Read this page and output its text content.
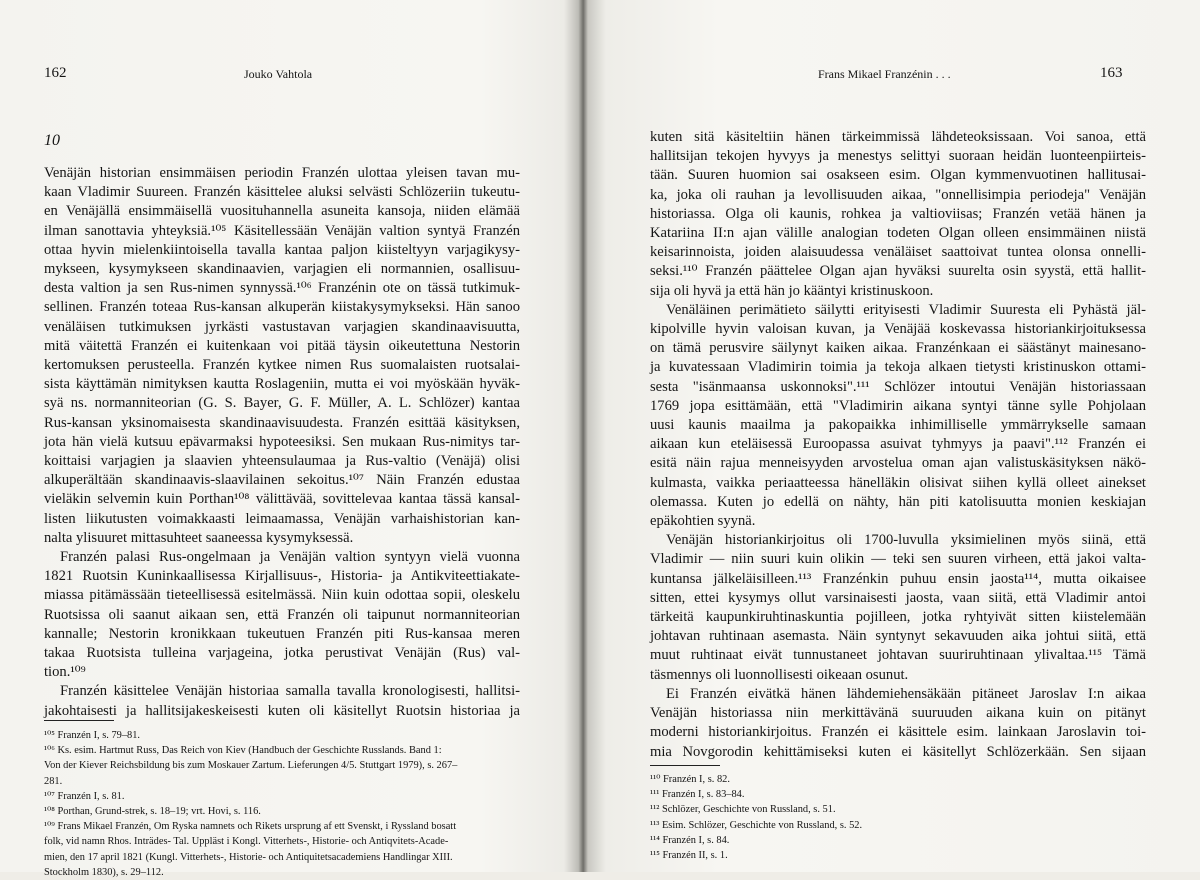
162	Jouko Vahtola
10
Venäjän historian ensimmäisen periodin Franzén ulottaa yleisen tavan mu-
kaan Vladimir Suureen. Franzén käsittelee aluksi selvästi Schlözeriin tukeutu-
en Venäjällä ensimmäisellä vuosituhannella asuneita kansoja, niiden elämää
ilman sanottavia yhteyksiä.¹⁰⁵ Käsitellessään Venäjän valtion syntyä Franzén
ottaa hyvin mielenkiintoisella tavalla kantaa paljon kiisteltyyn varjagikysy-
mykseen, kysymykseen skandinaavien, varjagien eli normannien, osallisuu-
desta valtion ja sen Rus-nimen synnyssä.¹⁰⁶ Franzénin ote on tässä tutkimuk-
sellinen. Franzén toteaa Rus-kansan alkuperän kiistakysymykseksi. Hän sanoo
venäläisen tutkimuksen jyrkästi vastustavan varjagien skandinaavisuutta,
mitä väitettä Franzén ei kuitenkaan voi pitää täysin oikeutettuna Nestorin
kertomuksen perusteella. Franzén kytkee nimen Rus suomalaisten ruotsalai-
sista käyttämän nimityksen kautta Roslageniin, mutta ei voi myöskään hyväk-
syä ns. normanniteorian (G. S. Bayer, G. F. Müller, A. L. Schlözer) kantaa
Rus-kansan yksinomaisesta skandinaavisuudesta. Franzén esittää käsityksen,
jota hän vielä kutsuu epävarmaksi hypoteesiksi. Sen mukaan Rus-nimitys tar-
koittaisi varjagien ja slaavien yhteensulaumaa ja Rus-valtio (Venäjä) olisi
alkuperältään skandinaavis-slaavilainen sekoitus.¹⁰⁷ Näin Franzén edustaa
vieläkin selvemin kuin Porthan¹⁰⁸ välittävää, sovittelevaa kantaa tässä kansal-
listen liikutusten voimakkaasti leimaamassa, Venäjän varhaishistorian kan-
nalta ylisuuret mittasuhteet saaneessa kysymyksessä.
Franzén palasi Rus-ongelmaan ja Venäjän valtion syntyyn vielä vuonna
1821 Ruotsin Kuninkaallisessa Kirjallisuus-, Historia- ja Antikviteettiakate-
miassa pitämässään tieteellisessä esitelmässä. Niin kuin odottaa sopii, oleskelu
Ruotsissa oli saanut aikaan sen, että Franzén oli taipunut normanniteorian
kannalle; Nestorin kronikkaan tukeutuen Franzén piti Rus-kansaa meren
takaa Ruotsista tulleina varjageina, jotka perustivat Venäjän (Rus) val-
tion.¹⁰⁹
Franzén käsittelee Venäjän historiaa samalla tavalla kronologisesti, hallitsi-
jakohtaisesti ja hallitsijakeskeisesti kuten oli käsitellyt Ruotsin historiaa ja
¹⁰⁵ Franzén I, s. 79–81.
¹⁰⁶ Ks. esim. Hartmut Russ, Das Reich von Kiev (Handbuch der Geschichte Russlands. Band 1:
Von der Kiever Reichsbildung bis zum Moskauer Zartum. Lieferungen 4/5. Stuttgart 1979), s. 267–
281.
¹⁰⁷ Franzén I, s. 81.
¹⁰⁸ Porthan, Grund-strek, s. 18–19; vrt. Hovi, s. 116.
¹⁰⁹ Frans Mikael Franzén, Om Ryska namnets och Rikets ursprung af ett Svenskt, i Ryssland bosatt
folk, vid namn Rhos. Inträdes- Tal. Uppläst i Kongl. Vitterhets-, Historie- och Antiqvitets-Acade-
mien, den 17 april 1821 (Kungl. Vitterhets-, Historie- och Antiquitetsacademiens Handlingar XIII.
Stockholm 1830), s. 29–112.
Frans Mikael Franzénin . . .	163
kuten sitä käsiteltiin hänen tärkeimmissä lähdeteoksissaan. Voi sanoa, että
hallitsijan tekojen hyvyys ja menestys selittyi suoraan heidän luonteenpiirteis-
tään. Suuren huomion sai osakseen esim. Olgan kymmenvuotinen hallitusai-
ka, joka oli rauhan ja levollisuuden aikaa, "onnellisimpia periodeja" Venäjän
historiassa. Olga oli kaunis, rohkea ja valtioviisas; Franzén vetää hänen ja
Katariina II:n ajan välille analogian todeten Olgan olleen ensimmäinen niistä
keisarinnoista, joiden alaisuudessa venäläiset saattoivat tuntea olonsa onnelli-
seksi.¹¹⁰ Franzén päättelee Olgan ajan hyväksi suurelta osin syystä, että hallit-
sija oli hyvä ja että hän jo kääntyi kristinuskoon.
Venäläinen perimätieto säilytti erityisesti Vladimir Suuresta eli Pyhästä jäl-
kipolville hyvin valoisan kuvan, ja Venäjää koskevassa historiankirjoituksessa
on tämä perusvire säilynyt kaiken aikaa. Franzénkaan ei säästänyt mainesano-
ja kuvatessaan Vladimirin toimia ja tekoja alkaen tietysti kristinuskon ottami-
sesta "isänmaansa uskonnoksi".¹¹¹ Schlözer intoutui Venäjän historiassaan
1769 jopa esittämään, että "Vladimirin aikana syntyi tänne sylle Pohjolaan
uusi kaunis maailma ja pakopaikka inhimilliselle ymmärrykselle samaan
aikaan kun eteläisessä Euroopassa asuivat tyhmyys ja paavi".¹¹² Franzén ei
esitä näin rajua menneisyyden arvostelua oman ajan valistuskäsityksen näkö-
kulmasta, vaikka periaatteessa hänelläkin olisivat siihen kyllä olleet ainekset
olemassa. Kuten jo edellä on nähty, hän piti katolisuutta monien keskiajan
epäkohtien syynä.
Venäjän historiankirjoitus oli 1700-luvulla yksimielinen myös siinä, että
Vladimir — niin suuri kuin olikin — teki sen suuren virheen, että jakoi valta-
kuntansa jälkeläisilleen.¹¹³ Franzénkin puhuu ensin jaosta¹¹⁴, mutta oikaisee
sitten, ettei kysymys ollut varsinaisesti jaosta, vaan siitä, että Vladimir antoi
tärkeitä kaupunkiruhtinaskuntia pojilleen, jotka ryhtyivät sitten kiistelemään
johtavan ruhtinaan asemasta. Näin syntynyt sekavuuden aika johtui siitä, että
muut ruhtinaat eivät tunnustaneet johtavan suuriruhtinaan ylivaltaa.¹¹⁵ Tämä
täsmennys oli luonnollisesti oikeaan osunut.
Ei Franzén eivätkä hänen lähdemiehensäkään pitäneet Jaroslav I:n aikaa
Venäjän historiassa niin merkittävänä suuruuden aikana kuin on pitänyt
moderni historiankirjoitus. Franzén ei käsittele esim. lainkaan Jaroslavin toi-
mia Novgorodin kehittämiseksi kuten ei käsitellyt Schlözerkään. Sen sijaan
¹¹⁰ Franzén I, s. 82.
¹¹¹ Franzén I, s. 83–84.
¹¹² Schlözer, Geschichte von Russland, s. 51.
¹¹³ Esim. Schlözer, Geschichte von Russland, s. 52.
¹¹⁴ Franzén I, s. 84.
¹¹⁵ Franzén II, s. 1.
